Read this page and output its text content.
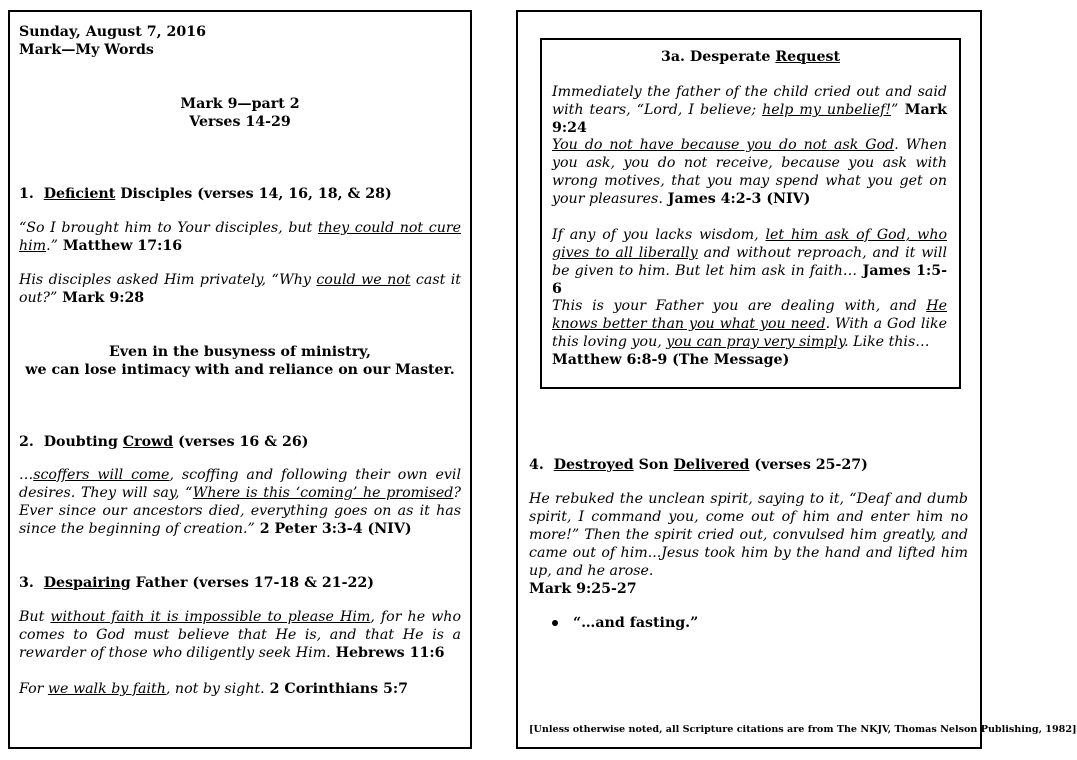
Sunday, August 7, 2016
Mark—My Words
Mark 9—part 2
Verses 14-29
1. Deficient Disciples (verses 14, 16, 18, & 28)

“So I brought him to Your disciples, but they could not cure him.” Matthew 17:16

His disciples asked Him privately, “Why could we not cast it out?” Mark 9:28

Even in the busyness of ministry,
we can lose intimacy with and reliance on our Master.
2. Doubting Crowd (verses 16 & 26)

…scoffers will come, scoffing and following their own evil desires. They will say, “Where is this ‘coming’ he promised? Ever since our ancestors died, everything goes on as it has since the beginning of creation.” 2 Peter 3:3-4 (NIV)

3. Despairing Father (verses 17-18 & 21-22)

But without faith it is impossible to please Him, for he who comes to God must believe that He is, and that He is a rewarder of those who diligently seek Him. Hebrews 11:6

For we walk by faith, not by sight. 2 Corinthians 5:7

3a. Desperate Request

Immediately the father of the child cried out and said with tears, “Lord, I believe; help my unbelief!” Mark 9:24

You do not have because you do not ask God. When you ask, you do not receive, because you ask with wrong motives, that you may spend what you get on your pleasures. James 4:2-3 (NIV)

If any of you lacks wisdom, let him ask of God, who gives to all liberally and without reproach, and it will be given to him. But let him ask in faith… James 1:5-6

This is your Father you are dealing with, and He knows better than you what you need. With a God like this loving you, you can pray very simply. Like this…
Matthew 6:8-9 (The Message)

4. Destroyed Son Delivered (verses 25-27)

He rebuked the unclean spirit, saying to it, “Deaf and dumb spirit, I command you, come out of him and enter him no more!” Then the spirit cried out, convulsed him greatly, and came out of him...Jesus took him by the hand and lifted him up, and he arose.
Mark 9:25-27

“…and fasting.”
[Unless otherwise noted, all Scripture citations are from The NKJV, Thomas Nelson Publishing, 1982]
